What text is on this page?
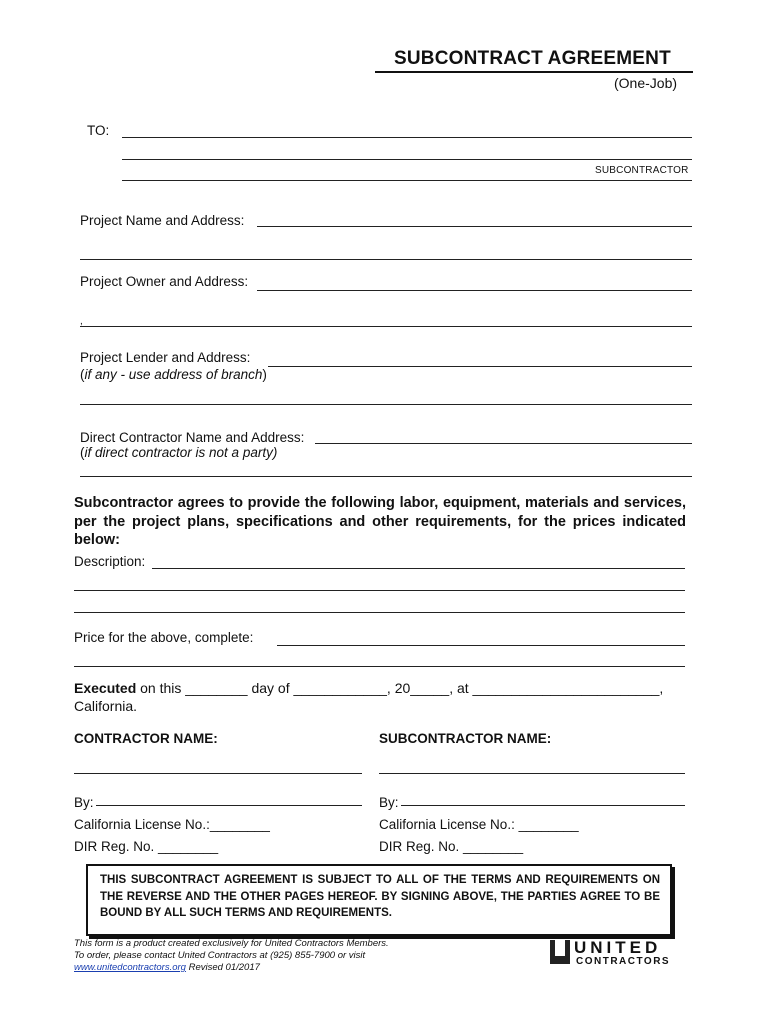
SUBCONTRACT AGREEMENT
(One-Job)
TO:
SUBCONTRACTOR
Project Name and Address:
Project Owner and Address:
,
Project Lender and Address:
(if any - use address of branch)
Direct Contractor Name and Address:
(if direct contractor is not a party)
Subcontractor agrees to provide the following labor, equipment, materials and services, per the project plans, specifications and other requirements, for the prices indicated below:
Description:
Price for the above, complete:
Executed on this ________ day of ____________, 20_____, at ________________________,
California.
CONTRACTOR NAME:	SUBCONTRACTOR NAME:
By:	By:
California License No.:________	California License No.: ________
DIR Reg. No. ________	DIR Reg. No. ________
THIS SUBCONTRACT AGREEMENT IS SUBJECT TO ALL OF THE TERMS AND REQUIREMENTS ON THE REVERSE AND THE OTHER PAGES HEREOF. BY SIGNING ABOVE, THE PARTIES AGREE TO BE BOUND BY ALL SUCH TERMS AND REQUIREMENTS.
This form is a product created exclusively for United Contractors Members.
To order, please contact United Contractors at (925) 855-7900 or visit
www.unitedcontractors.org Revised 01/2017
UNITED
CONTRACTORS
